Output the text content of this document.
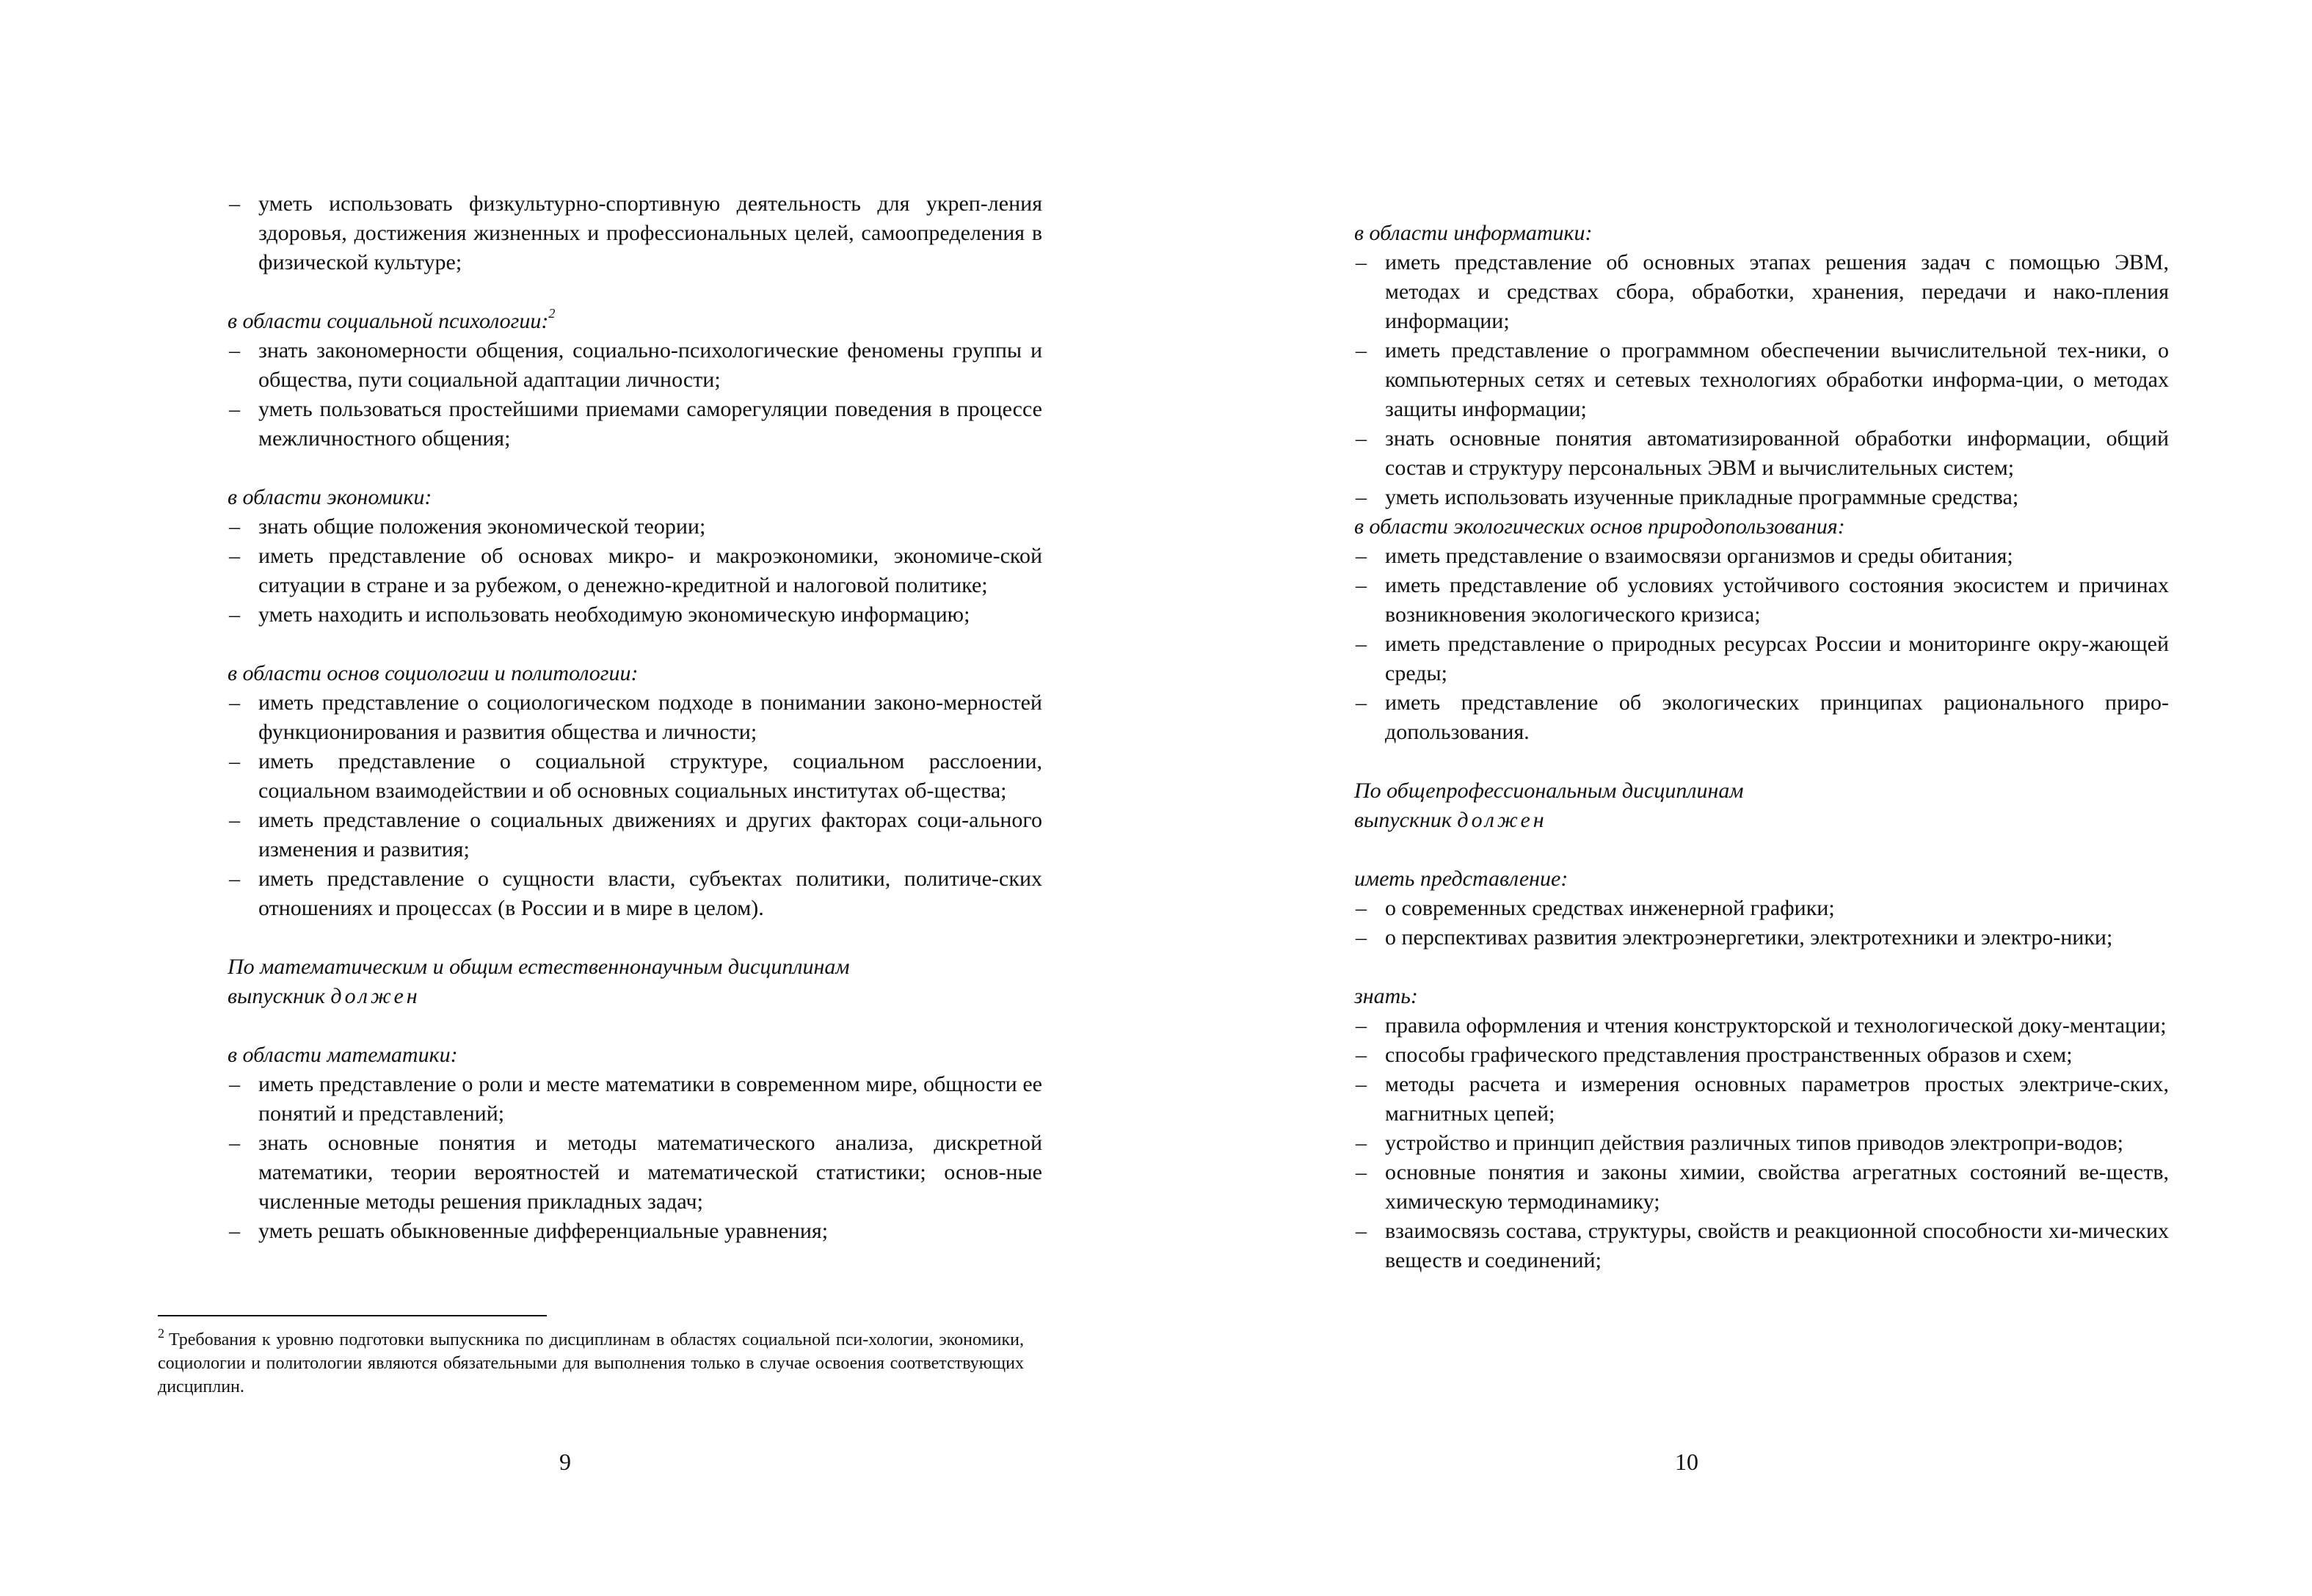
– уметь использовать физкультурно-спортивную деятельность для укреп-ления здоровья, достижения жизненных и профессиональных целей, самоопределения в физической культуре;
в области социальной психологии:$^2$
– знать закономерности общения, социально-психологические феномены группы и общества, пути социальной адаптации личности;
– уметь пользоваться простейшими приемами саморегуляции поведения в процессе межличностного общения;
в области экономики:
– знать общие положения экономической теории;
– иметь представление об основах микро- и макроэкономики, экономиче-ской ситуации в стране и за рубежом, о денежно-кредитной и налоговой политике;
– уметь находить и использовать необходимую экономическую информацию;
в области основ социологии и политологии:
– иметь представление о социологическом подходе в понимании законо-мерностей функционирования и развития общества и личности;
– иметь представление о социальной структуре, социальном расслоении, социальном взаимодействии и об основных социальных институтах об-щества;
– иметь представление о социальных движениях и других факторах соци-ального изменения и развития;
– иметь представление о сущности власти, субъектах политики, политиче-ских отношениях и процессах (в России и в мире в целом).
По математическим и общим естественнонаучным дисциплинам
выпускник должен
в области математики:
– иметь представление о роли и месте математики в современном мире, общности ее понятий и представлений;
– знать основные понятия и методы математического анализа, дискретной математики, теории вероятностей и математической статистики; основ-ные численные методы решения прикладных задач;
– уметь решать обыкновенные дифференциальные уравнения;
$^2$ Требования к уровню подготовки выпускника по дисциплинам в областях социальной пси-хологии, экономики, социологии и политологии являются обязательными для выполнения только в случае освоения соответствующих дисциплин.
9
в области информатики:
– иметь представление об основных этапах решения задач с помощью ЭВМ, методах и средствах сбора, обработки, хранения, передачи и нако-пления информации;
– иметь представление о программном обеспечении вычислительной тех-ники, о компьютерных сетях и сетевых технологиях обработки информа-ции, о методах защиты информации;
– знать основные понятия автоматизированной обработки информации, общий состав и структуру персональных ЭВМ и вычислительных систем;
– уметь использовать изученные прикладные программные средства;
в области экологических основ природопользования:
– иметь представление о взаимосвязи организмов и среды обитания;
– иметь представление об условиях устойчивого состояния экосистем и причинах возникновения экологического кризиса;
– иметь представление о природных ресурсах России и мониторинге окру-жающей среды;
– иметь представление об экологических принципах рационального приро-допользования.
По общепрофессиональным дисциплинам
выпускник должен
иметь представление:
– о современных средствах инженерной графики;
– о перспективах развития электроэнергетики, электротехники и электро-ники;
знать:
– правила оформления и чтения конструкторской и технологической доку-ментации;
– способы графического представления пространственных образов и схем;
– методы расчета и измерения основных параметров простых электриче-ских, магнитных цепей;
– устройство и принцип действия различных типов приводов электропри-водов;
– основные понятия и законы химии, свойства агрегатных состояний ве-ществ, химическую термодинамику;
– взаимосвязь состава, структуры, свойств и реакционной способности хи-мических веществ и соединений;
10
